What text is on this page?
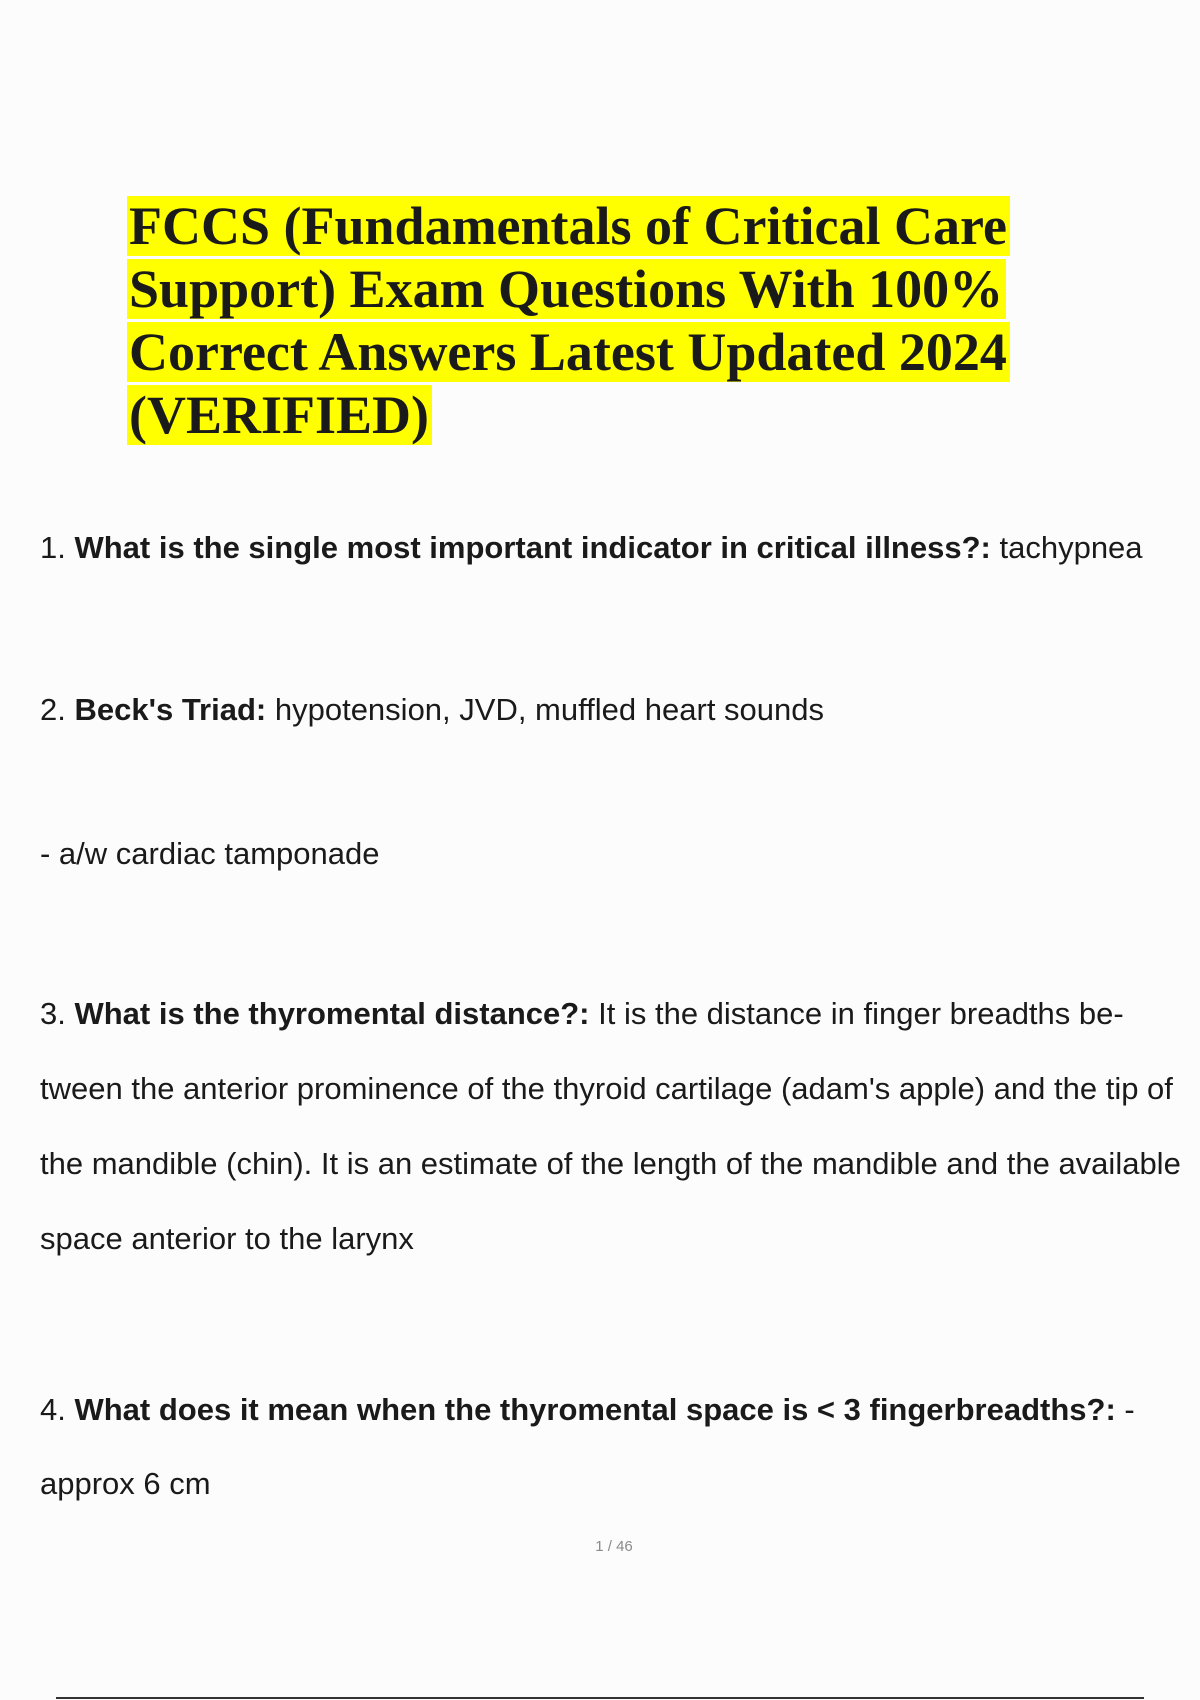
FCCS (Fundamentals of Critical Care
Support) Exam Questions With 100%
Correct Answers Latest Updated 2024
(VERIFIED)
1. What is the single most important indicator in critical illness?: tachypnea
2. Beck's Triad: hypotension, JVD, muffled heart sounds
- a/w cardiac tamponade
3. What is the thyromental distance?: It is the distance in finger breadths be-
tween the anterior prominence of the thyroid cartilage (adam's apple) and the tip of
the mandible (chin). It is an estimate of the length of the mandible and the available
space anterior to the larynx
4. What does it mean when the thyromental space is < 3 fingerbreadths?: -
approx 6 cm
1 / 46
